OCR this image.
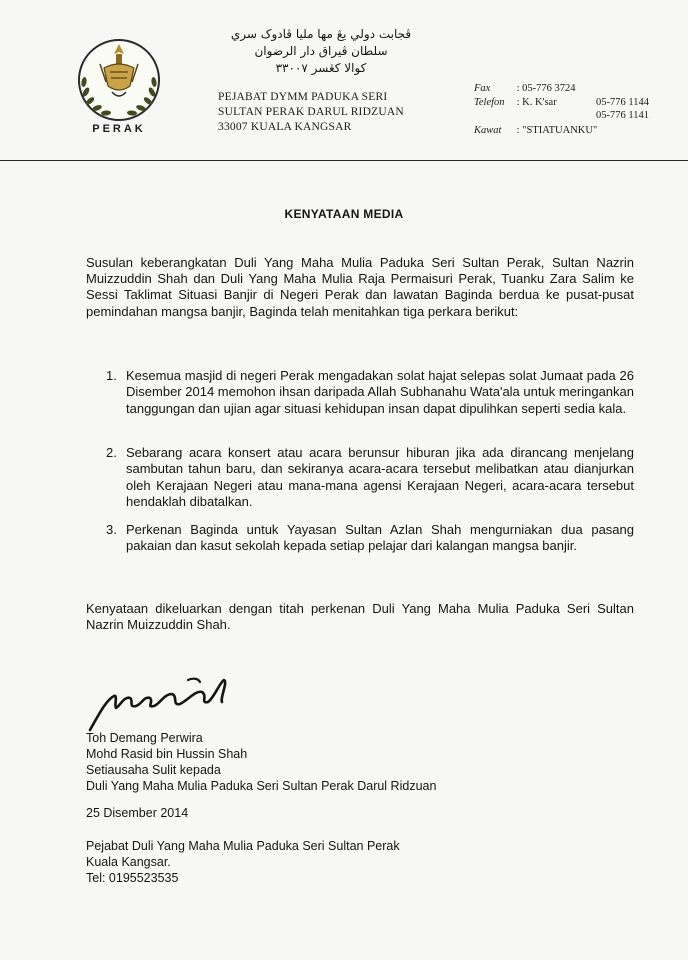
PERAK
ڤجابت دولي يڠ مها مليا ڤادوک سري
سلطان ڤيراق دار الرضوان
كوالا كڠسر ٣٣٠٠٧
PEJABAT DYMM PADUKA SERI
SULTAN PERAK DARUL RIDZUAN
33007 KUALA KANGSAR
Fax	: 05-776 3724
Telefon : K. K'sar	05-776 1144
05-776 1141
Kawat : "STIATUANKU"
KENYATAAN MEDIA

Susulan keberangkatan Duli Yang Maha Mulia Paduka Seri Sultan Perak, Sultan Nazrin Muizzuddin Shah dan Duli Yang Maha Mulia Raja Permaisuri Perak, Tuanku Zara Salim ke Sessi Taklimat Situasi Banjir di Negeri Perak dan lawatan Baginda berdua ke pusat-pusat pemindahan mangsa banjir, Baginda telah menitahkan tiga perkara berikut:

1. Kesemua masjid di negeri Perak mengadakan solat hajat selepas solat Jumaat pada 26 Disember 2014 memohon ihsan daripada Allah Subhanahu Wata'ala untuk meringankan tanggungan dan ujian agar situasi kehidupan insan dapat dipulihkan seperti sedia kala.
2. Sebarang acara konsert atau acara berunsur hiburan jika ada dirancang menjelang sambutan tahun baru, dan sekiranya acara-acara tersebut melibatkan atau dianjurkan oleh Kerajaan Negeri atau mana-mana agensi Kerajaan Negeri, acara-acara tersebut hendaklah dibatalkan.
3. Perkenan Baginda untuk Yayasan Sultan Azlan Shah mengurniakan dua pasang pakaian dan kasut sekolah kepada setiap pelajar dari kalangan mangsa banjir.

Kenyataan dikeluarkan dengan titah perkenan Duli Yang Maha Mulia Paduka Seri Sultan Nazrin Muizzuddin Shah.

Toh Demang Perwira
Mohd Rasid bin Hussin Shah
Setiausaha Sulit kepada
Duli Yang Maha Mulia Paduka Seri Sultan Perak Darul Ridzuan
25 Disember 2014
Pejabat Duli Yang Maha Mulia Paduka Seri Sultan Perak
Kuala Kangsar.
Tel: 0195523535
